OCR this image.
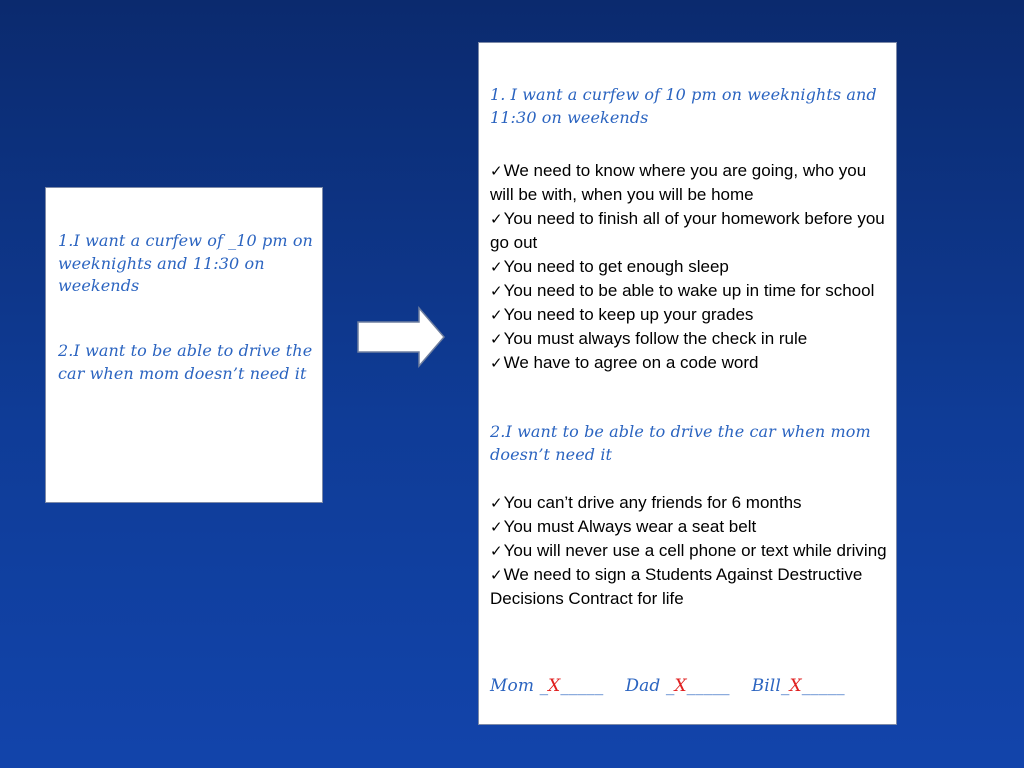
1.I want a curfew of _10 pm on weeknights and 11:30 on weekends

2.I want to be able to drive the car when mom doesn’t need it

1. I want a curfew of 10 pm on weeknights and 11:30 on weekends

✓We need to know where you are going, who you will be with, when you will be home
✓You need to finish all of your homework before you go out
✓You need to get enough sleep
✓You need to be able to wake up in time for school
✓You need to keep up your grades
✓You must always follow the check in rule
✓We have to agree on a code word

2.I want to be able to drive the car when mom doesn’t need it

✓You can’t drive any friends for 6 months
✓You must Always wear a seat belt
✓You will never use a cell phone or text while driving
✓We need to sign a Students Against Destructive Decisions Contract for life

Mom _X_____ Dad _X_____ Bill_X_____
